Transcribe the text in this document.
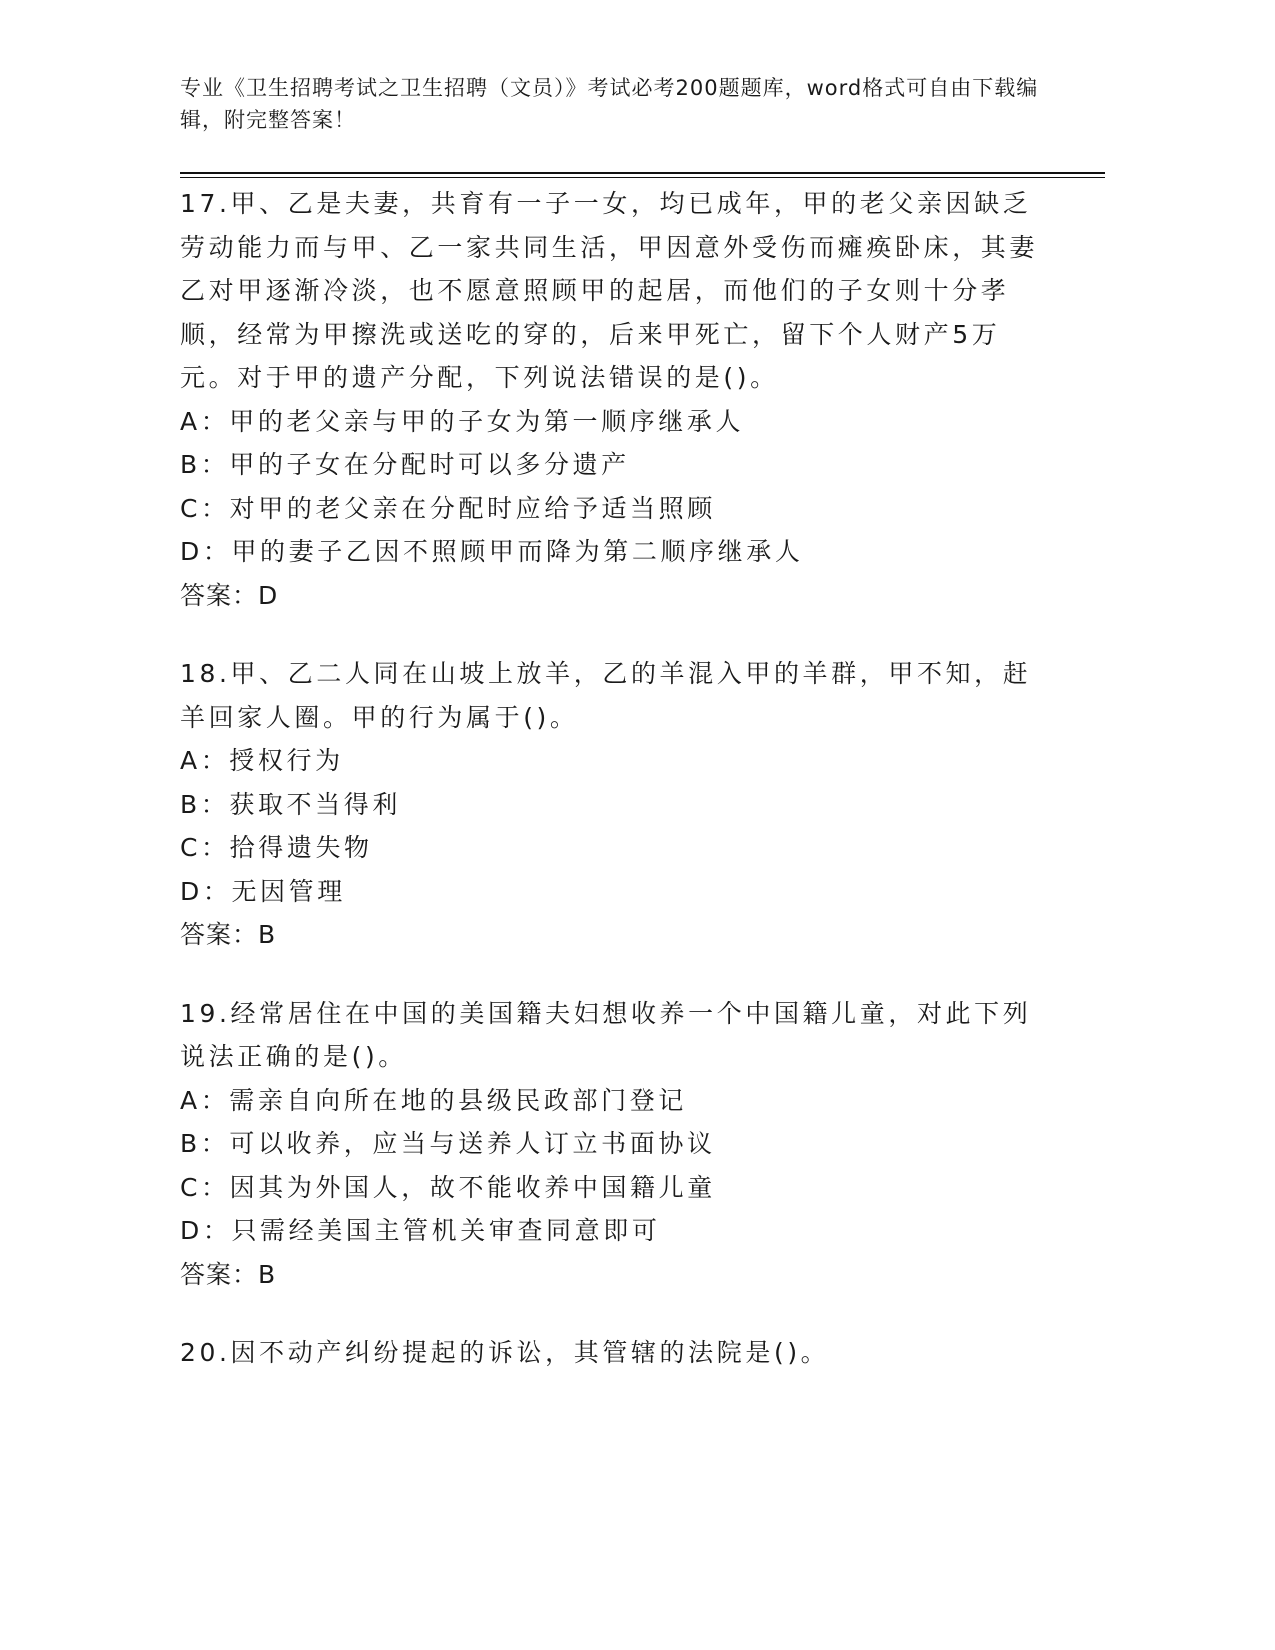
专业《卫生招聘考试之卫生招聘（文员）》考试必考200题题库，word格式可自由下载编辑，附完整答案！
17.甲、乙是夫妻，共育有一子一女，均已成年，甲的老父亲因缺乏劳动能力而与甲、乙一家共同生活，甲因意外受伤而瘫痪卧床，其妻乙对甲逐渐冷淡，也不愿意照顾甲的起居，而他们的子女则十分孝顺，经常为甲擦洗或送吃的穿的，后来甲死亡，留下个人财产5万元。对于甲的遗产分配，下列说法错误的是()。
A：甲的老父亲与甲的子女为第一顺序继承人
B：甲的子女在分配时可以多分遗产
C：对甲的老父亲在分配时应给予适当照顾
D：甲的妻子乙因不照顾甲而降为第二顺序继承人
答案：D
18.甲、乙二人同在山坡上放羊，乙的羊混入甲的羊群，甲不知，赶羊回家人圈。甲的行为属于()。
A：授权行为
B：获取不当得利
C：拾得遗失物
D：无因管理
答案：B
19.经常居住在中国的美国籍夫妇想收养一个中国籍儿童，对此下列说法正确的是()。
A：需亲自向所在地的县级民政部门登记
B：可以收养，应当与送养人订立书面协议
C：因其为外国人，故不能收养中国籍儿童
D：只需经美国主管机关审查同意即可
答案：B
20.因不动产纠纷提起的诉讼，其管辖的法院是()。
